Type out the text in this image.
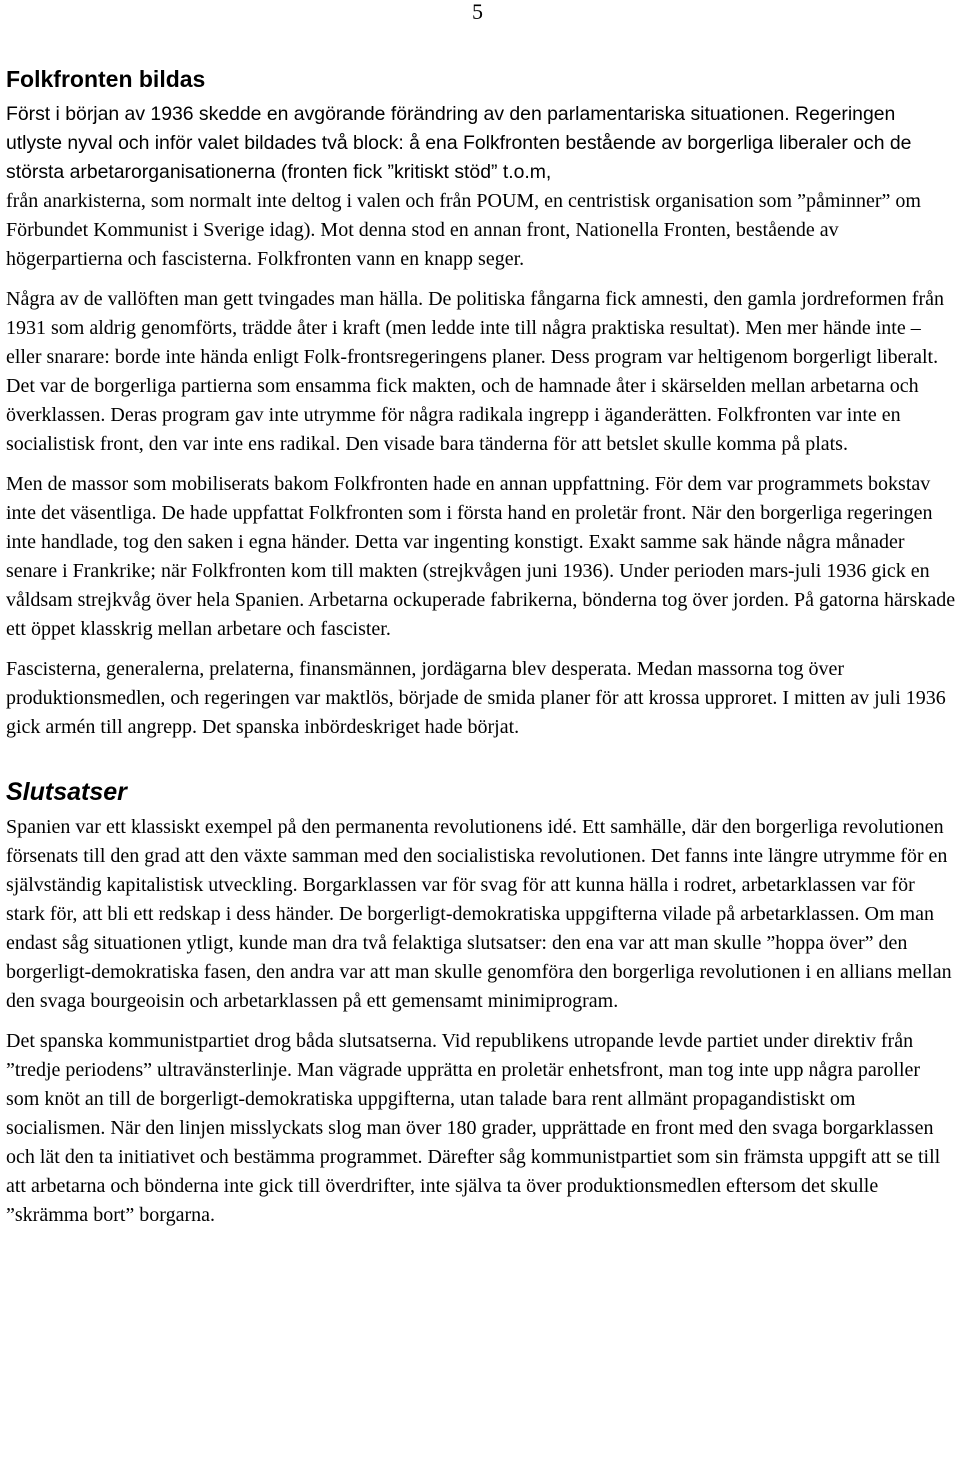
5
Folkfronten bildas

Först i början av 1936 skedde en avgörande förändring av den parlamentariska situationen. Regeringen utlyste nyval och inför valet bildades två block: å ena Folkfronten bestående av borgerliga liberaler och de största arbetarorganisationerna (fronten fick ”kritiskt stöd” t.o.m,

från anarkisterna, som normalt inte deltog i valen och från POUM, en centristisk organisation som ”påminner” om Förbundet Kommunist i Sverige idag). Mot denna stod en annan front, Nationella Fronten, bestående av högerpartierna och fascisterna. Folkfronten vann en knapp seger.

Några av de vallöften man gett tvingades man hälla. De politiska fångarna fick amnesti, den gamla jordreformen från 1931 som aldrig genomförts, trädde åter i kraft (men ledde inte till några praktiska resultat). Men mer hände inte – eller snarare: borde inte hända enligt Folk-frontsregeringens planer. Dess program var heltigenom borgerligt liberalt. Det var de borgerliga partierna som ensamma fick makten, och de hamnade åter i skärselden mellan arbetarna och överklassen. Deras program gav inte utrymme för några radikala ingrepp i äganderätten. Folkfronten var inte en socialistisk front, den var inte ens radikal. Den visade bara tänderna för att betslet skulle komma på plats.

Men de massor som mobiliserats bakom Folkfronten hade en annan uppfattning. För dem var programmets bokstav inte det väsentliga. De hade uppfattat Folkfronten som i första hand en proletär front. När den borgerliga regeringen inte handlade, tog den saken i egna händer. Detta var ingenting konstigt. Exakt samme sak hände några månader senare i Frankrike; när Folkfronten kom till makten (strejkvågen juni 1936). Under perioden mars-juli 1936 gick en våldsam strejkvåg över hela Spanien. Arbetarna ockuperade fabrikerna, bönderna tog över jorden. På gatorna härskade ett öppet klasskrig mellan arbetare och fascister.

Fascisterna, generalerna, prelaterna, finansmännen, jordägarna blev desperata. Medan massorna tog över produktionsmedlen, och regeringen var maktlös, började de smida planer för att krossa upproret. I mitten av juli 1936 gick armén till angrepp. Det spanska inbördeskriget hade börjat.

Slutsatser

Spanien var ett klassiskt exempel på den permanenta revolutionens idé. Ett samhälle, där den borgerliga revolutionen försenats till den grad att den växte samman med den socialistiska revolutionen. Det fanns inte längre utrymme för en självständig kapitalistisk utveckling. Borgarklassen var för svag för att kunna hälla i rodret, arbetarklassen var för stark för, att bli ett redskap i dess händer. De borgerligt-demokratiska uppgifterna vilade på arbetarklassen. Om man endast såg situationen ytligt, kunde man dra två felaktiga slutsatser: den ena var att man skulle ”hoppa över” den borgerligt-demokratiska fasen, den andra var att man skulle genomföra den borgerliga revolutionen i en allians mellan den svaga bourgeoisin och arbetarklassen på ett gemensamt minimiprogram.

Det spanska kommunistpartiet drog båda slutsatserna. Vid republikens utropande levde partiet under direktiv från ”tredje periodens” ultravänsterlinje. Man vägrade upprätta en proletär enhetsfront, man tog inte upp några paroller som knöt an till de borgerligt-demokratiska uppgifterna, utan talade bara rent allmänt propagandistiskt om socialismen. När den linjen misslyckats slog man över 180 grader, upprättade en front med den svaga borgarklassen och lät den ta initiativet och bestämma programmet. Därefter såg kommunistpartiet som sin främsta uppgift att se till att arbetarna och bönderna inte gick till överdrifter, inte själva ta över produktionsmedlen eftersom det skulle ”skrämma bort” borgarna.
